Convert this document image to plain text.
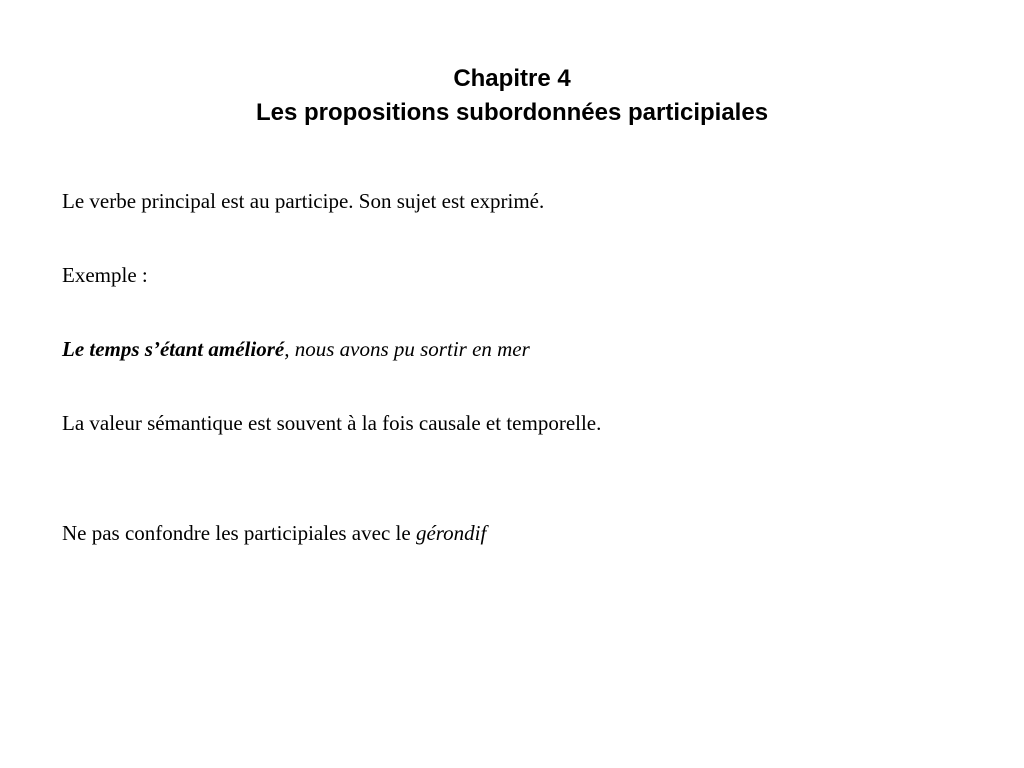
Chapitre 4
Les propositions subordonnées participiales
Le verbe principal est au participe. Son sujet est exprimé.
Exemple :
Le temps s’étant amélioré, nous avons pu sortir en mer
La valeur sémantique est souvent à la fois causale et temporelle.
Ne pas confondre les participiales avec le gérondif
